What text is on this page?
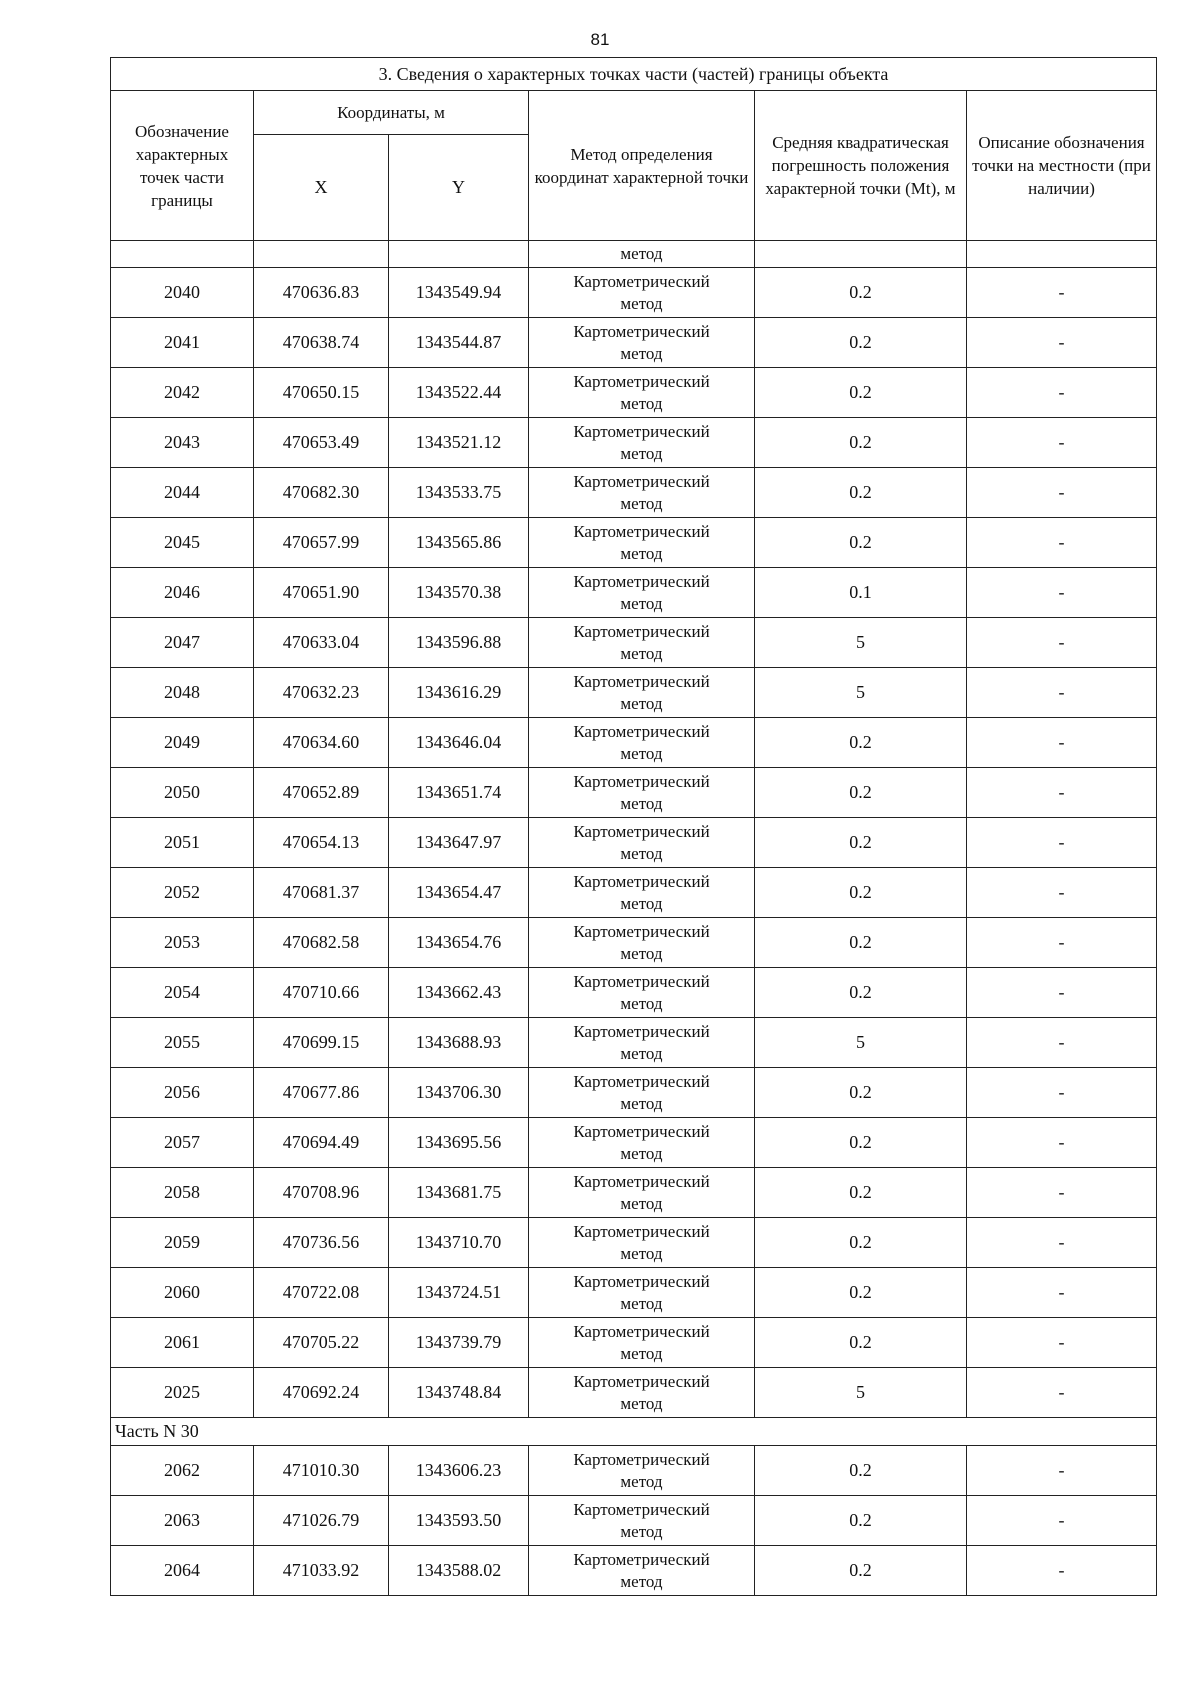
81
3. Сведения о характерных точках части (частей) границы объекта					
Обозначение характерных точек части границы	Координаты, м		Метод определения координат характерной точки	Средняя квадратическая погрешность положения характерной точки (Mt), м	Описание обозначения точки на местности (при наличии)
	X	Y			
			метод		
2040	470636.83	1343549.94	Картометрический
метод	0.2	-
2041	470638.74	1343544.87	Картометрический
метод	0.2	-
2042	470650.15	1343522.44	Картометрический
метод	0.2	-
2043	470653.49	1343521.12	Картометрический
метод	0.2	-
2044	470682.30	1343533.75	Картометрический
метод	0.2	-
2045	470657.99	1343565.86	Картометрический
метод	0.2	-
2046	470651.90	1343570.38	Картометрический
метод	0.1	-
2047	470633.04	1343596.88	Картометрический
метод	5	-
2048	470632.23	1343616.29	Картометрический
метод	5	-
2049	470634.60	1343646.04	Картометрический
метод	0.2	-
2050	470652.89	1343651.74	Картометрический
метод	0.2	-
2051	470654.13	1343647.97	Картометрический
метод	0.2	-
2052	470681.37	1343654.47	Картометрический
метод	0.2	-
2053	470682.58	1343654.76	Картометрический
метод	0.2	-
2054	470710.66	1343662.43	Картометрический
метод	0.2	-
2055	470699.15	1343688.93	Картометрический
метод	5	-
2056	470677.86	1343706.30	Картометрический
метод	0.2	-
2057	470694.49	1343695.56	Картометрический
метод	0.2	-
2058	470708.96	1343681.75	Картометрический
метод	0.2	-
2059	470736.56	1343710.70	Картометрический
метод	0.2	-
2060	470722.08	1343724.51	Картометрический
метод	0.2	-
2061	470705.22	1343739.79	Картометрический
метод	0.2	-
2025	470692.24	1343748.84	Картометрический
метод	5	-
Часть N 30					
2062	471010.30	1343606.23	Картометрический
метод	0.2	-
2063	471026.79	1343593.50	Картометрический
метод	0.2	-
2064	471033.92	1343588.02	Картометрический
метод	0.2	-
